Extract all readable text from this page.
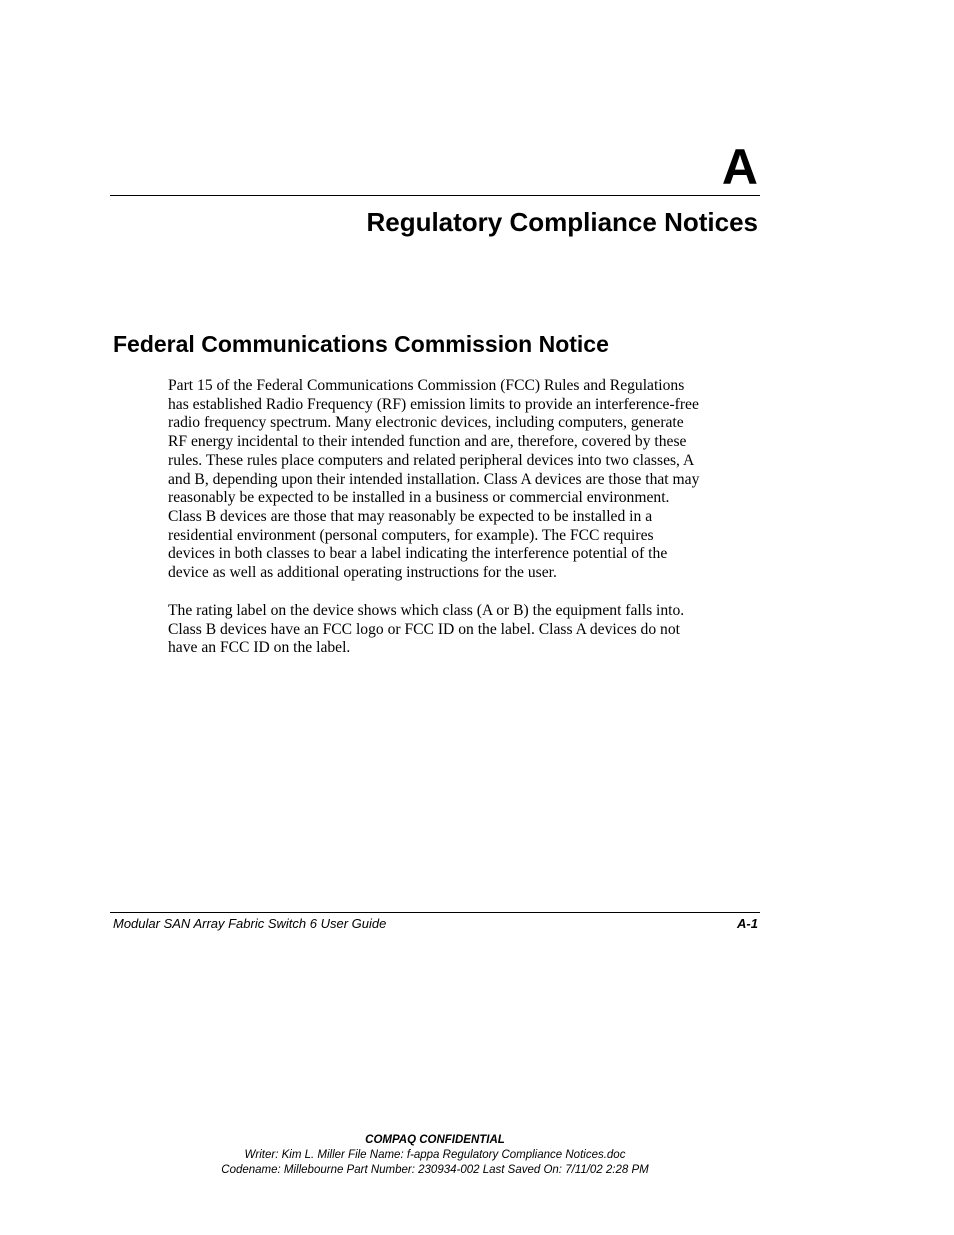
A
Regulatory Compliance Notices
Federal Communications Commission Notice

Part 15 of the Federal Communications Commission (FCC) Rules and Regulations
has established Radio Frequency (RF) emission limits to provide an interference-free
radio frequency spectrum. Many electronic devices, including computers, generate
RF energy incidental to their intended function and are, therefore, covered by these
rules. These rules place computers and related peripheral devices into two classes, A
and B, depending upon their intended installation. Class A devices are those that may
reasonably be expected to be installed in a business or commercial environment.
Class B devices are those that may reasonably be expected to be installed in a
residential environment (personal computers, for example). The FCC requires
devices in both classes to bear a label indicating the interference potential of the
device as well as additional operating instructions for the user.

The rating label on the device shows which class (A or B) the equipment falls into.
Class B devices have an FCC logo or FCC ID on the label. Class A devices do not
have an FCC ID on the label.

Modular SAN Array Fabric Switch 6 User Guide	A-1
COMPAQ CONFIDENTIAL
Writer: Kim L. Miller File Name: f-appa Regulatory Compliance Notices.doc
Codename: Millebourne Part Number: 230934-002 Last Saved On: 7/11/02 2:28 PM
